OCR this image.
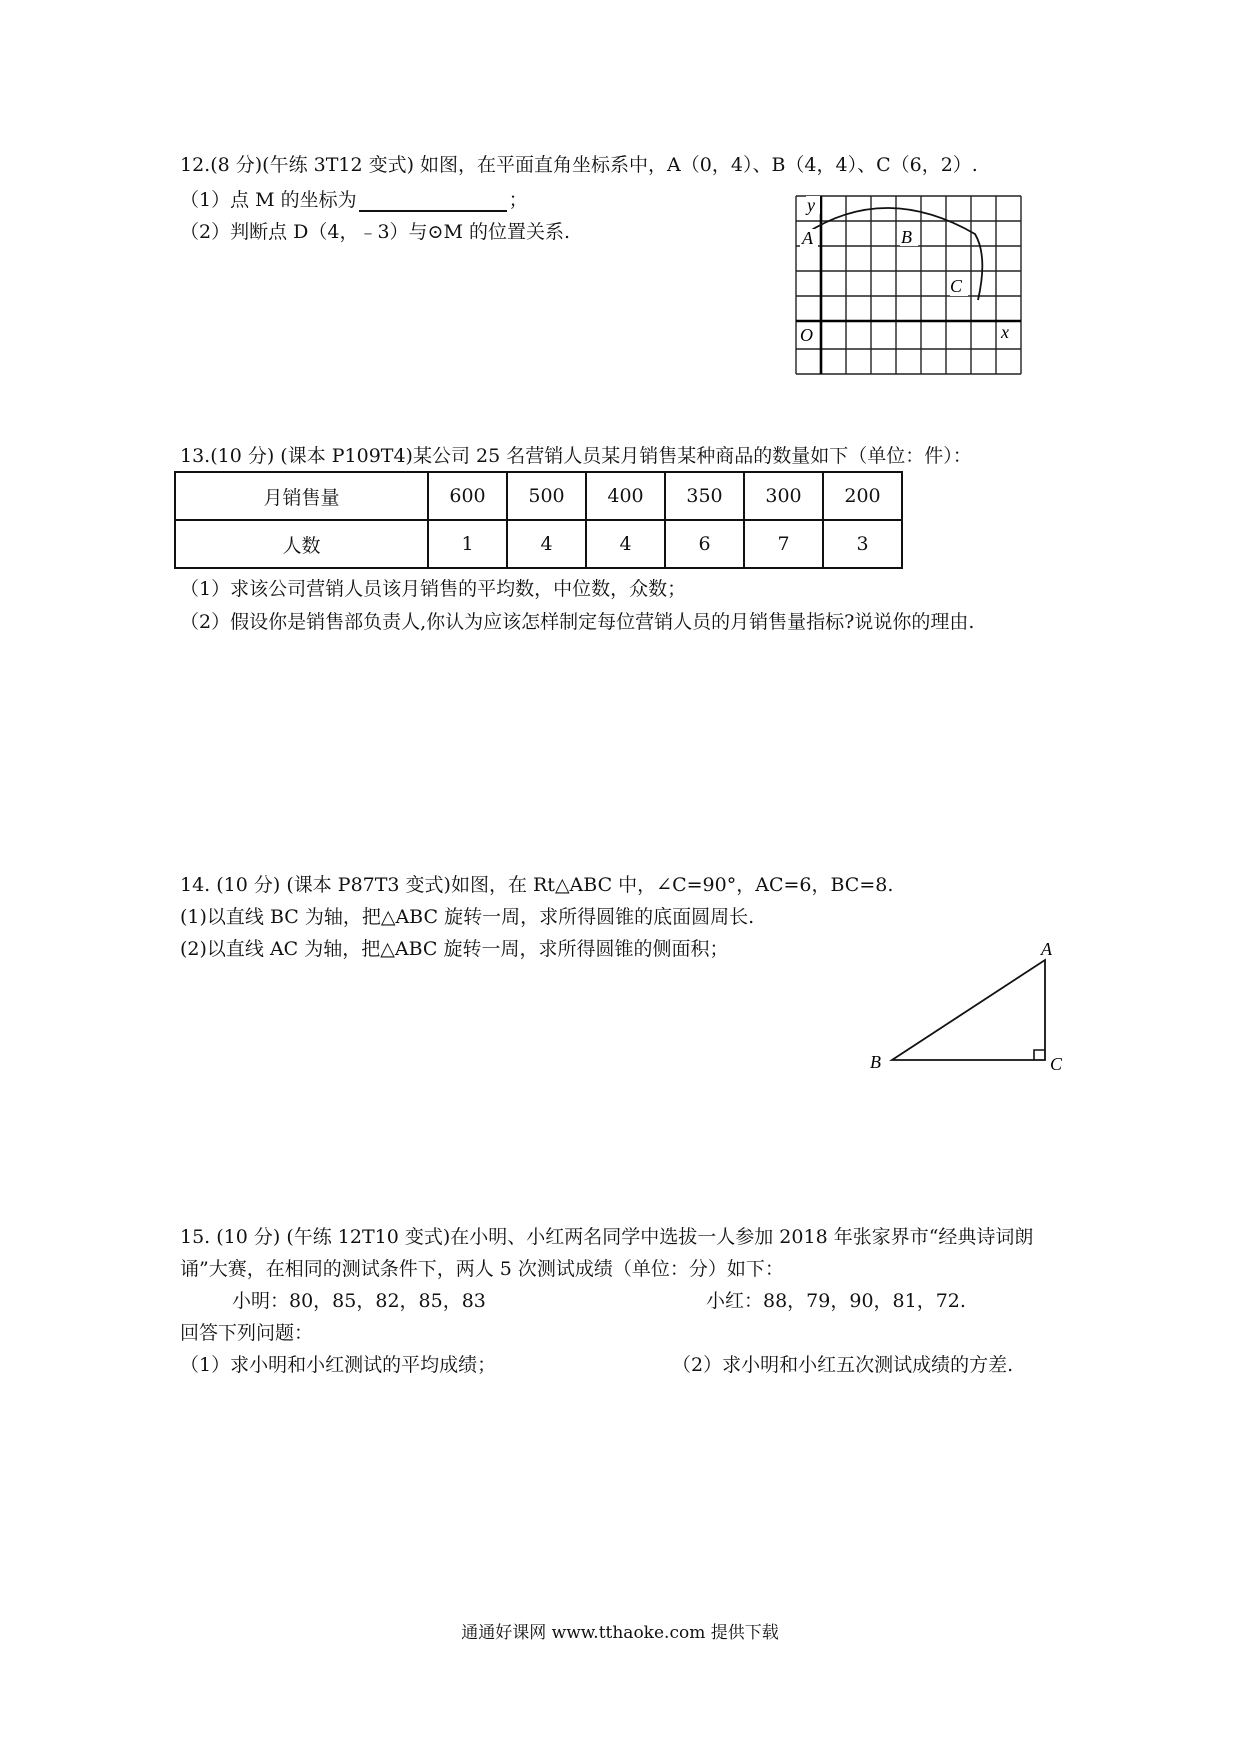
12.(8 分)(午练 3T12 变式) 如图，在平面直角坐标系中，A（0，4）、B（4，4）、C（6，2）.
（1）点 M 的坐标为	；
（2）判断点 D（4，﹣3）与⊙M 的位置关系.
y
A	B
C
O	x
13.(10 分) (课本 P109T4)某公司 25 名营销人员某月销售某种商品的数量如下（单位：件）：
月销售量	600	500	400	350	300	200
人数	1	4	4	6	7	3
（1）求该公司营销人员该月销售的平均数，中位数，众数；
（2）假设你是销售部负责人,你认为应该怎样制定每位营销人员的月销售量指标?说说你的理由.
14. (10 分) (课本 P87T3 变式)如图，在 Rt△ABC 中，∠C=90°，AC=6，BC=8.
(1)以直线 BC 为轴，把△ABC 旋转一周，求所得圆锥的底面圆周长.
(2)以直线 AC 为轴，把△ABC 旋转一周，求所得圆锥的侧面积；	A
B	C
15. (10 分) (午练 12T10 变式)在小明、小红两名同学中选拔一人参加 2018 年张家界市“经典诗词朗
诵”大赛，在相同的测试条件下，两人 5 次测试成绩（单位：分）如下：
小明：80，85，82，85，83	小红：88，79，90，81，72.
回答下列问题：
（1）求小明和小红测试的平均成绩；	（2）求小明和小红五次测试成绩的方差.
通通好课网 www.tthaoke.com 提供下载
